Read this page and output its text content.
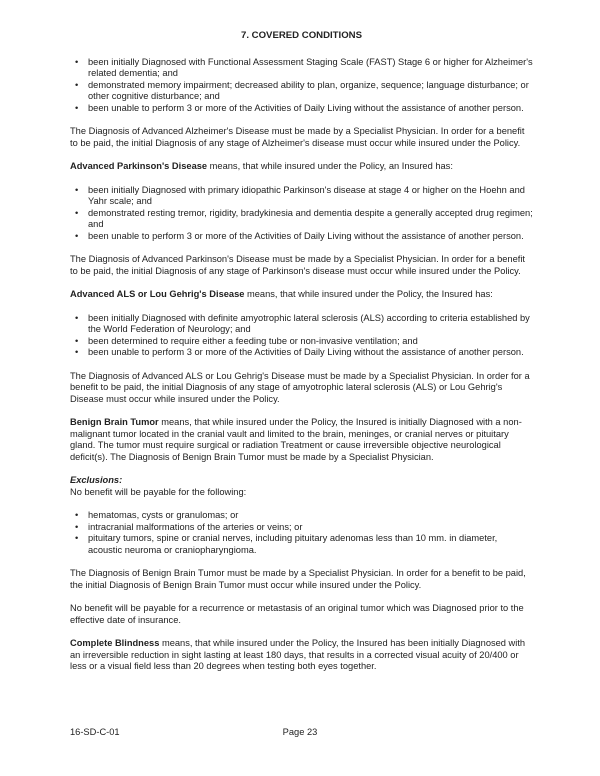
7. COVERED CONDITIONS
• been initially Diagnosed with Functional Assessment Staging Scale (FAST) Stage 6 or higher for Alzheimer's related dementia; and
• demonstrated memory impairment; decreased ability to plan, organize, sequence; language disturbance; or other cognitive disturbance; and
• been unable to perform 3 or more of the Activities of Daily Living without the assistance of another person.

The Diagnosis of Advanced Alzheimer's Disease must be made by a Specialist Physician. In order for a benefit to be paid, the initial Diagnosis of any stage of Alzheimer's disease must occur while insured under the Policy.

Advanced Parkinson's Disease means, that while insured under the Policy, an Insured has:

• been initially Diagnosed with primary idiopathic Parkinson's disease at stage 4 or higher on the Hoehn and Yahr scale; and
• demonstrated resting tremor, rigidity, bradykinesia and dementia despite a generally accepted drug regimen; and
• been unable to perform 3 or more of the Activities of Daily Living without the assistance of another person.

The Diagnosis of Advanced Parkinson's Disease must be made by a Specialist Physician. In order for a benefit to be paid, the initial Diagnosis of any stage of Parkinson's disease must occur while insured under the Policy.

Advanced ALS or Lou Gehrig's Disease means, that while insured under the Policy, the Insured has:

• been initially Diagnosed with definite amyotrophic lateral sclerosis (ALS) according to criteria established by the World Federation of Neurology; and
• been determined to require either a feeding tube or non-invasive ventilation; and
• been unable to perform 3 or more of the Activities of Daily Living without the assistance of another person.

The Diagnosis of Advanced ALS or Lou Gehrig's Disease must be made by a Specialist Physician. In order for a benefit to be paid, the initial Diagnosis of any stage of amyotrophic lateral sclerosis (ALS) or Lou Gehrig's Disease must occur while insured under the Policy.

Benign Brain Tumor means, that while insured under the Policy, the Insured is initially Diagnosed with a non-malignant tumor located in the cranial vault and limited to the brain, meninges, or cranial nerves or pituitary gland. The tumor must require surgical or radiation Treatment or cause irreversible objective neurological deficit(s). The Diagnosis of Benign Brain Tumor must be made by a Specialist Physician.

Exclusions:
No benefit will be payable for the following:

• hematomas, cysts or granulomas; or
• intracranial malformations of the arteries or veins; or
• pituitary tumors, spine or cranial nerves, including pituitary adenomas less than 10 mm. in diameter, acoustic neuroma or craniopharyngioma.

The Diagnosis of Benign Brain Tumor must be made by a Specialist Physician. In order for a benefit to be paid, the initial Diagnosis of Benign Brain Tumor must occur while insured under the Policy.

No benefit will be payable for a recurrence or metastasis of an original tumor which was Diagnosed prior to the effective date of insurance.

Complete Blindness means, that while insured under the Policy, the Insured has been initially Diagnosed with an irreversible reduction in sight lasting at least 180 days, that results in a corrected visual acuity of 20/400 or less or a visual field less than 20 degrees when testing both eyes together.

16-SD-C-01	Page 23
